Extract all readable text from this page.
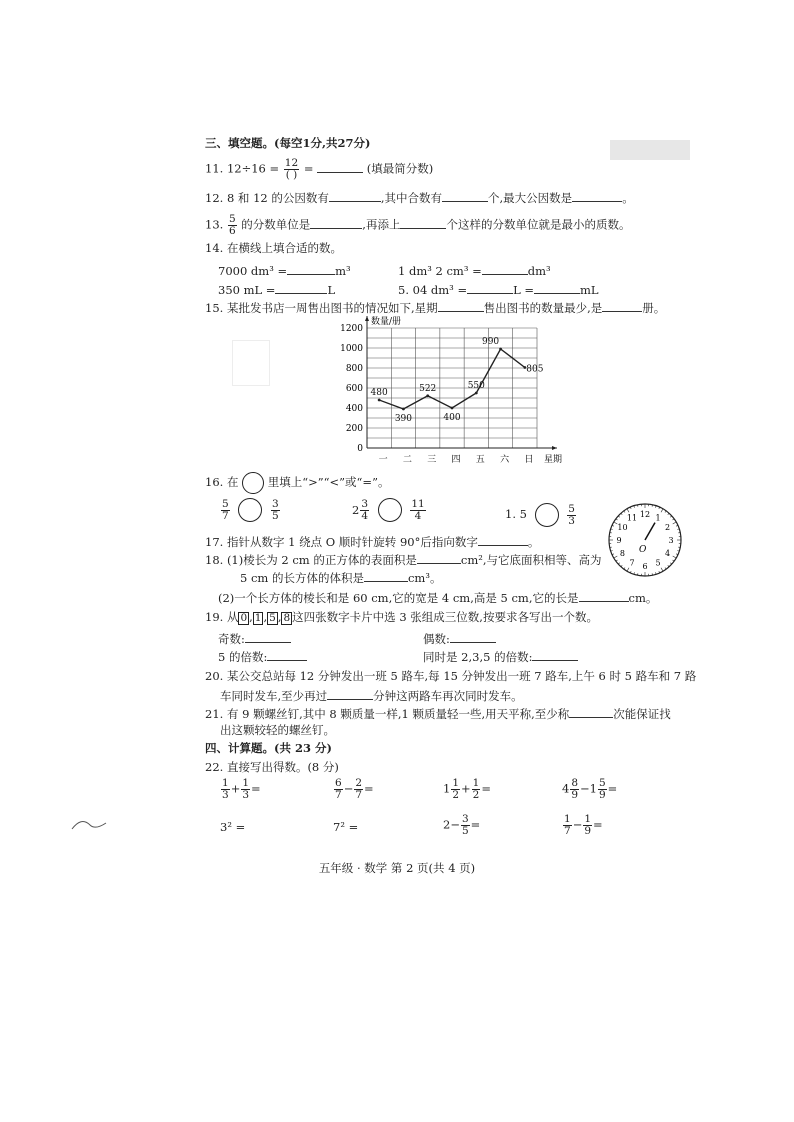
三、填空题。(每空1分,共27分)
11. $12\div 16 = \frac{12}{( )}$ =	(填最简分数)
12. 8 和 12 的公因数有	,其中合数有	个,最大公因数是	。
13. $\frac{5}{6}$ 的分数单位是	,再添上	个这样的分数单位就是最小的质数。
14. 在横线上填合适的数。
7000 dm³ =	m³	1 dm³ 2 cm³ =	dm³
350 mL =	L	5. 04 dm³ =	L =	mL
15. 某批发书店一周售出图书的情况如下,星期	售出图书的数量最少,是	册。
0
200
400
600
800
1000
1200
一 二 三 四 五 六 日 星期
数量/册
480
390
522
400
550
990
805
16. 在	里填上“>”“<”或“=”。
$\frac{5}{7}$
	$\frac{3}{5}$	$2 \frac{3}{4}$
	$\frac{11}{4}$	1. 5	$\frac{5}{3}$	12 1
2
3
4
5
6
7
8
9
10
11
O
17. 指针从数字 1 绕点 O 顺时针旋转 90°后指向数字	。
18. (1)棱长为 2 cm 的正方体的表面积是	cm²,与它底面积相等、高为
5 cm 的长方体的体积是	cm³。
(2)一个长方体的棱长和是 60 cm,它的宽是 4 cm,高是 5 cm,它的长是	cm。
19. 从 0 , 1 , 5 , 8 这四张数字卡片中选 3 张组成三位数,按要求各写出一个数。
奇数:	偶数:
5 的倍数:	同时是 2,3,5 的倍数:
20. 某公交总站每 12 分钟发出一班 5 路车,每 15 分钟发出一班 7 路车,上午 6 时 5 路车和 7 路
车同时发车,至少再过	分钟这两路车再次同时发车。
21. 有 9 颗螺丝钉,其中 8 颗质量一样,1 颗质量轻一些,用天平称,至少称	次能保证找
出这颗较轻的螺丝钉。
四、计算题。(共 23 分)
22. 直接写出得数。(8 分)
$\frac{1}{3} + \frac{1}{3}$ =	$\frac{6}{7} - \frac{2}{7}$ =	$1 \frac{1}{2} + \frac{1}{2}$ =	$4 \frac{8}{9} -1 \frac{5}{9}$ =
3² =	7² =	$2- \frac{3}{5}$ =	$\frac{1}{7} - \frac{1}{9}$ =
五年级 · 数学 第 2 页(共 4 页)
